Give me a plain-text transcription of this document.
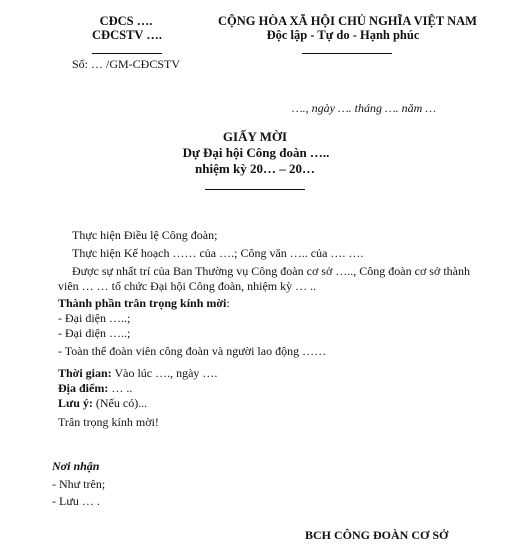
CĐCS ….
CĐCSTV ….
Số: … /GM-CĐCSTV
CỘNG HÒA XÃ HỘI CHỦ NGHĨA VIỆT NAM
Độc lập - Tự do - Hạnh phúc
…., ngày …. tháng …. năm …
GIẤY MỜI
Dự Đại hội Công đoàn …..
nhiệm kỳ 20… – 20…
Thực hiện Điều lệ Công đoàn;
Thực hiện Kế hoạch …… của ….; Công văn ….. của …. ….
Được sự nhất trí của Ban Thường vụ Công đoàn cơ sở ….., Công đoàn cơ sở thành
viên … … tổ chức Đại hội Công đoàn, nhiệm kỳ … ..
Thành phần trân trọng kính mời:
- Đại diện …..;
- Đại diện …..;
- Toàn thể đoàn viên công đoàn và người lao động ……
Thời gian: Vào lúc …., ngày ….
Địa điểm: … ..
Lưu ý: (Nếu có)...
Trân trọng kính mời!
Nơi nhận
- Như trên;
- Lưu … .
BCH CÔNG ĐOÀN CƠ SỞ
